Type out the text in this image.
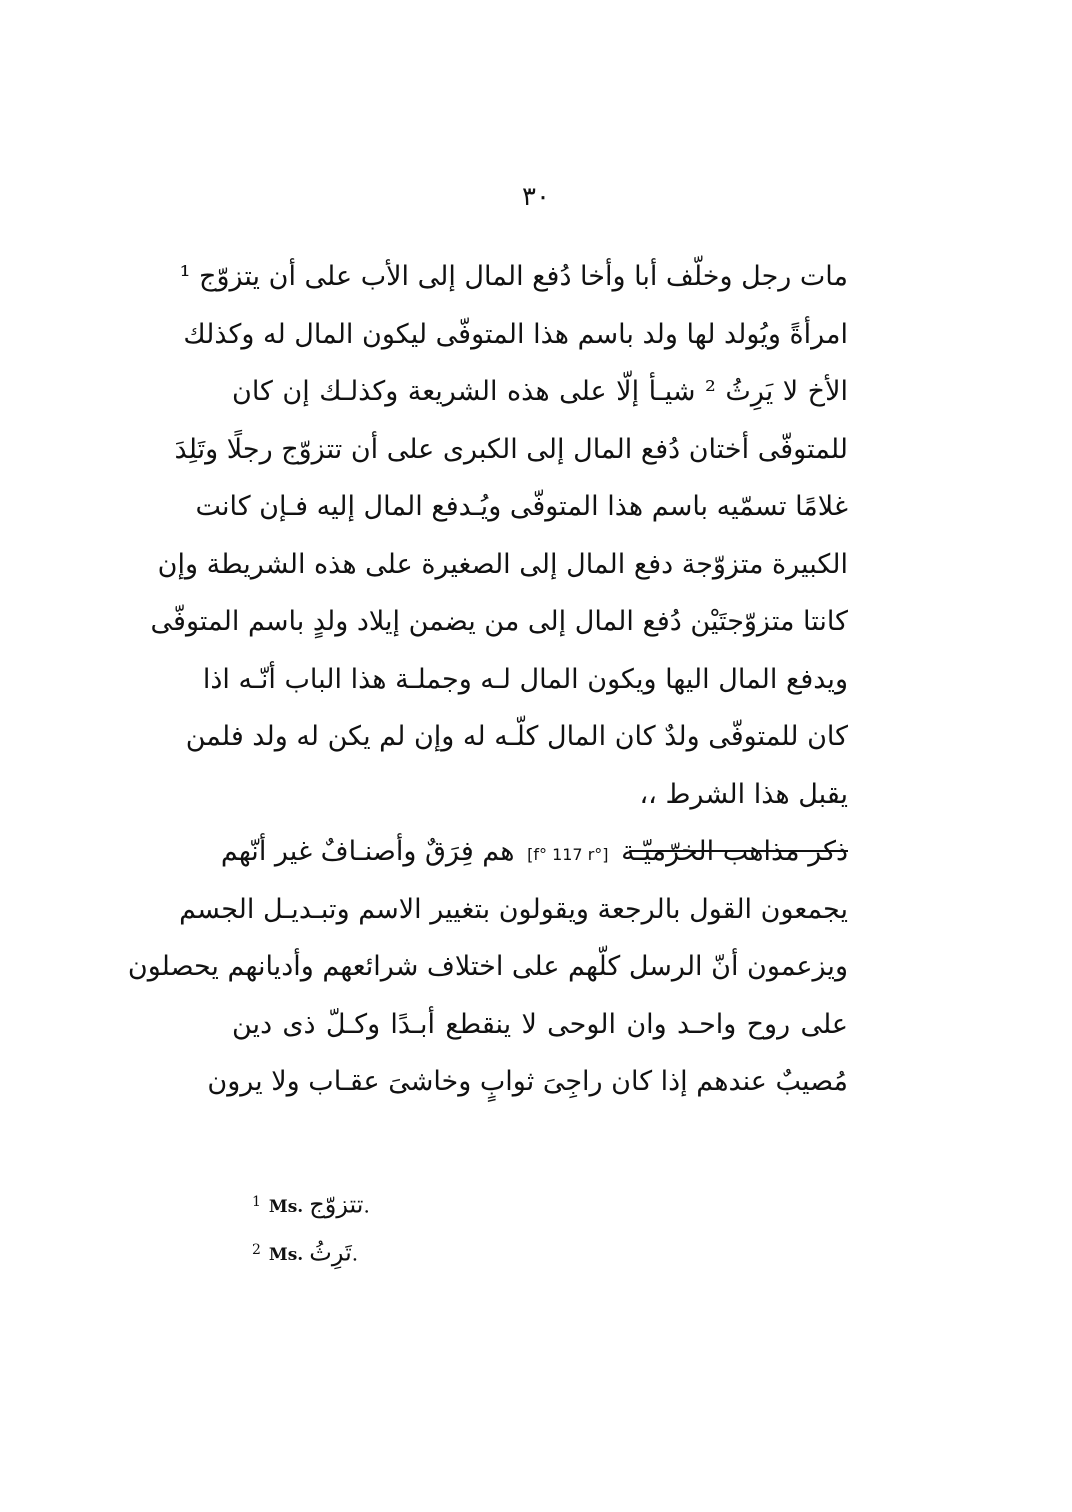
٣٠
مات رجل وخلّف أبا وأخا دُفع المال إلى الأب على أن يتزوّج ¹
امرأةً ويُولد لها ولد باسم هذا المتوفّى ليكون المال له وكذلك
الأخ لا يَرِثُ ² شيـأ إلّا على هذه الشريعة وكذلـك إن كان
للمتوفّى أختان دُفع المال إلى الكبرى على أن تتزوّج رجلًا وتَلِدَ
غلامًا تسمّيه باسم هذا المتوفّى ويُـدفع المال إليه فـإن كانت
الكبيرة متزوّجة دفع المال إلى الصغيرة على هذه الشريطة وإن
كانتا متزوّجتَيْن دُفع المال إلى من يضمن إيلاد ولدٍ باسم المتوفّى
ويدفع المال اليها ويكون المال لـه وجملـة هذا الباب أنّـه اذا
كان للمتوفّى ولدٌ كان المال كلّـه له وإن لم يكن له ولد فلمن
يقبل هذا الشرط ،،
ذكر مذاهب الخرّميّـة [f° 117 r°] هم فِرَقٌ وأصنـافٌ غير أنّهم
يجمعون القول بالرجعة ويقولون بتغيير الاسم وتبـديـل الجسم
ويزعمون أنّ الرسل كلّهم على اختلاف شرائعهم وأديانهم يحصلون
على روح واحـد وان الوحى لا ينقطع أبـدًا وكـلّ ذى دين
مُصيبٌ عندهم إذا كان راجِىَ ثوابٍ وخاشىَ عقـاب ولا يرون
1 Ms. تتزوّج.
2 Ms. تَرِثُ.
